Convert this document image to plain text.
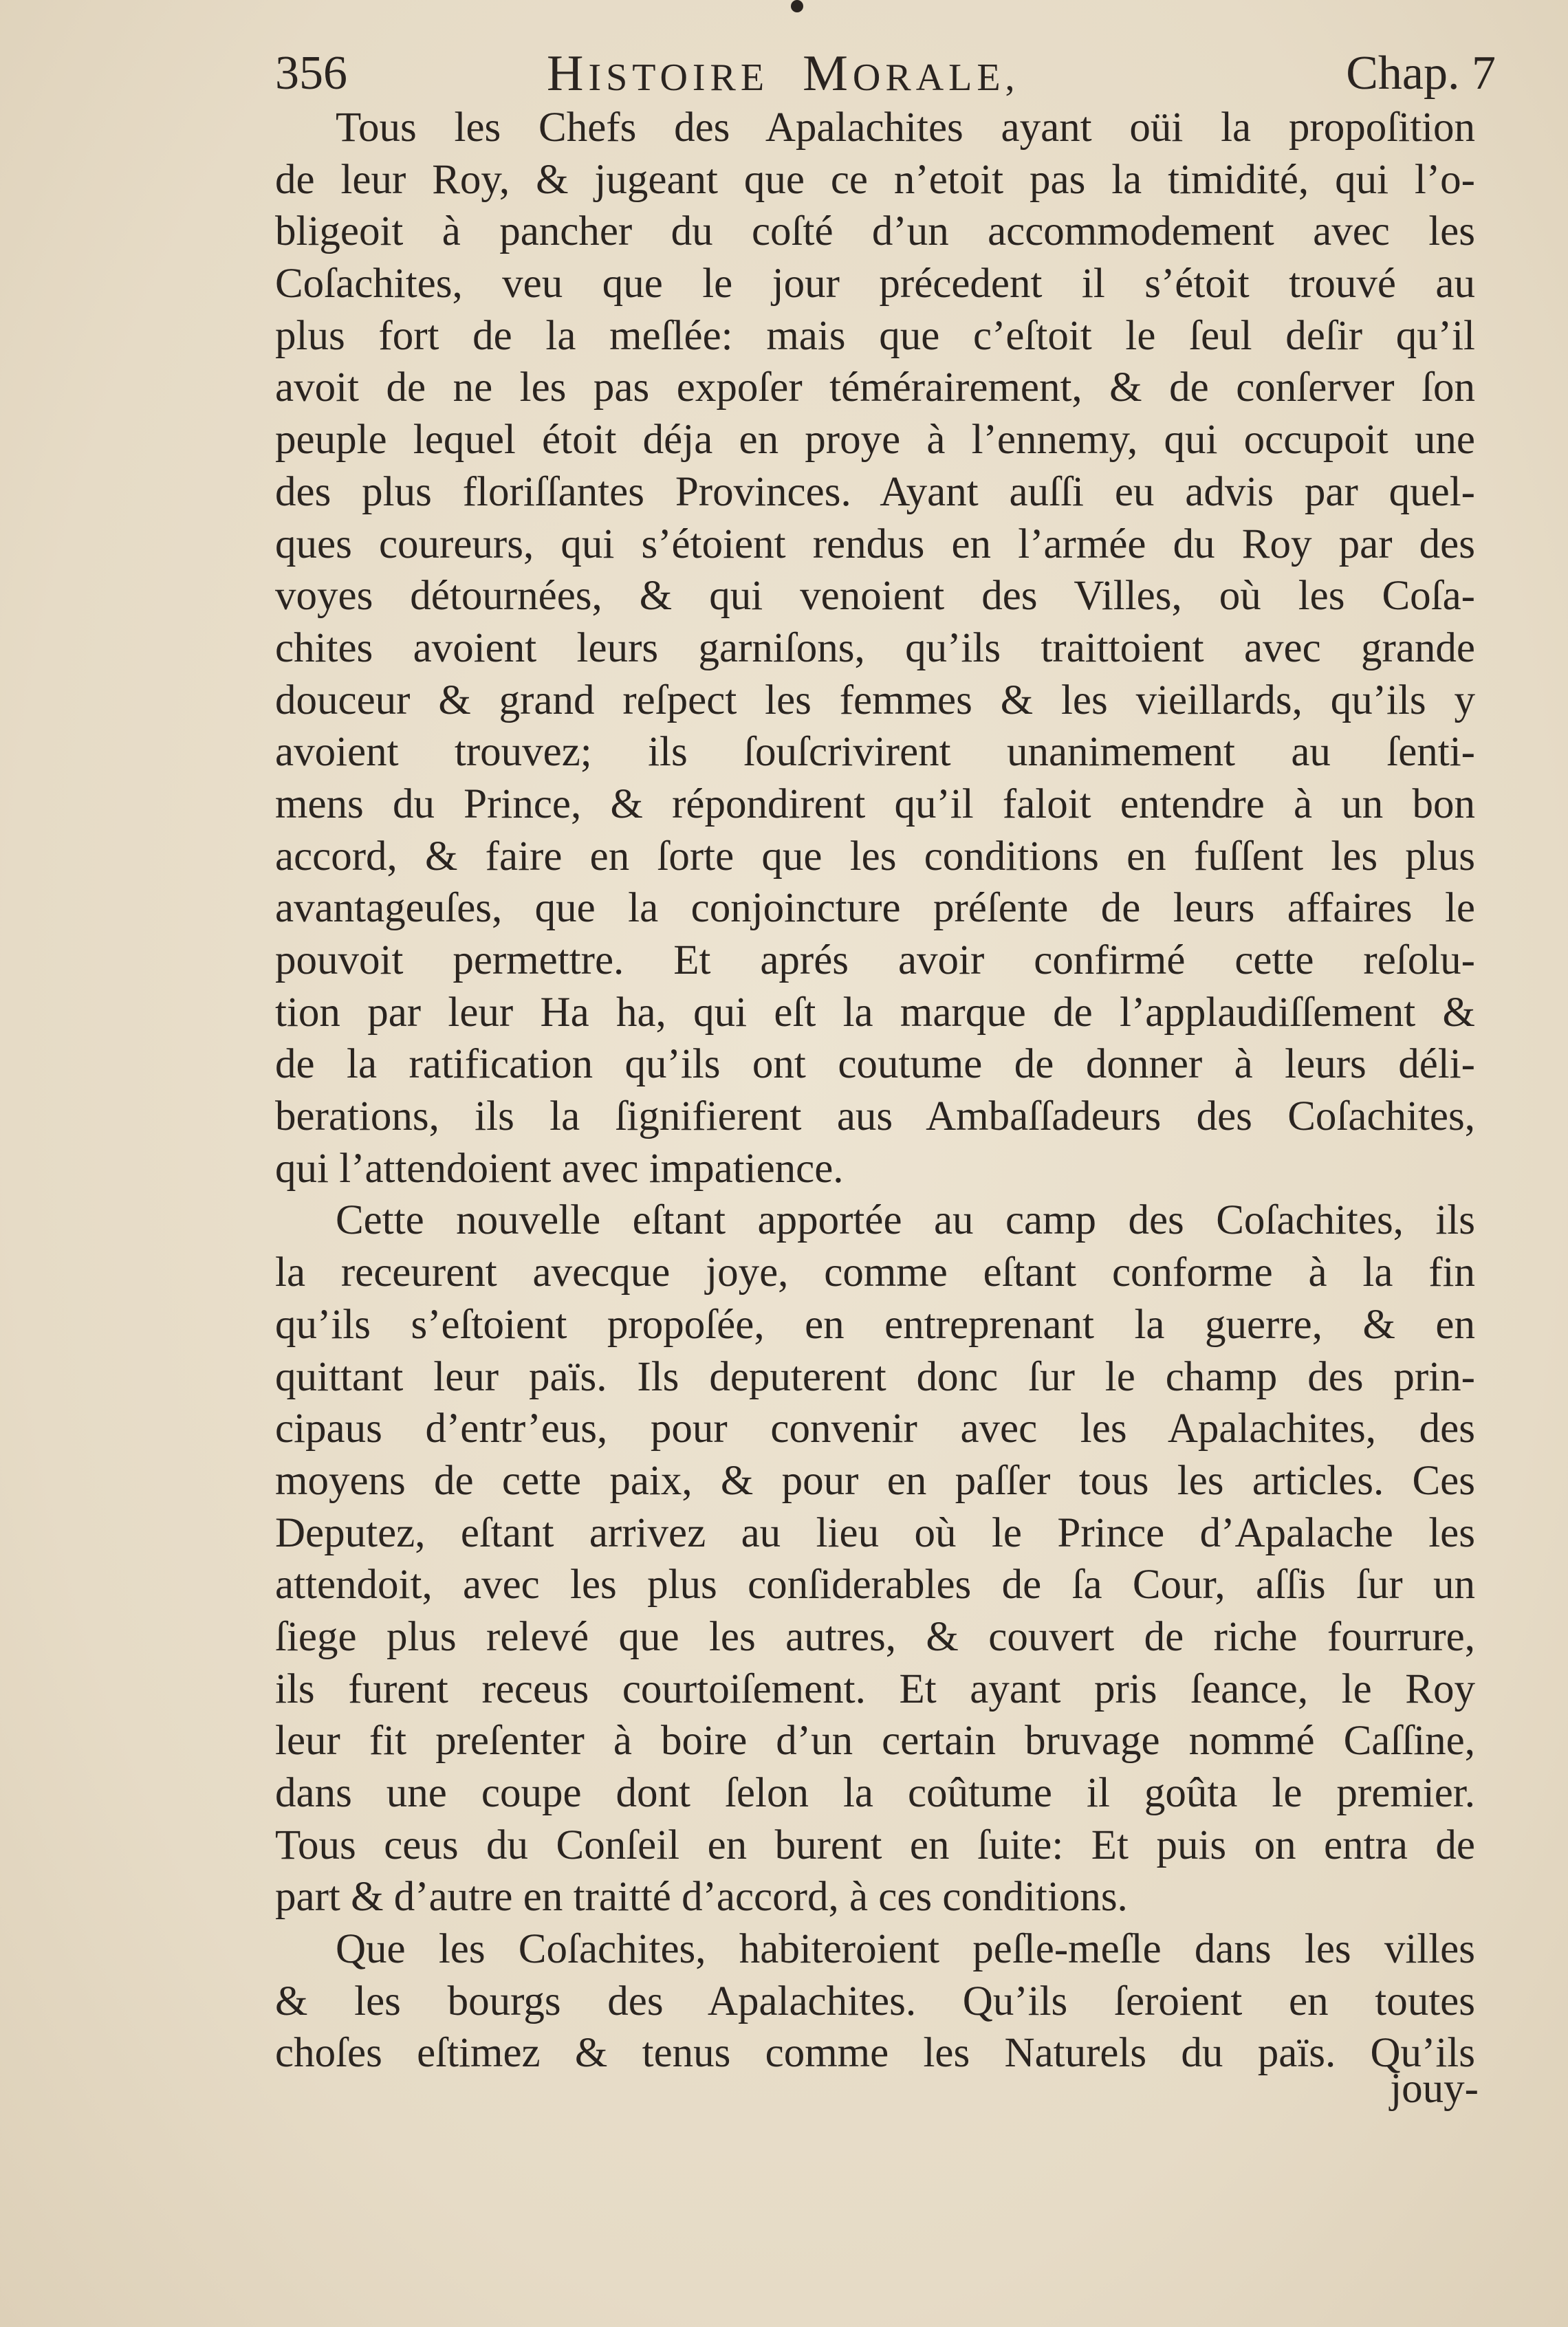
356	HISTOIRE MORALE,	Chap. 7
Tous les Chefs des Apalachites ayant oüi la propoſition
de leur Roy, & jugeant que ce n’etoit pas la timidité, qui l’o-
bligeoit à pancher du coſté d’un accommodement avec les
Coſachites, veu que le jour précedent il s’étoit trouvé au
plus fort de la meſlée: mais que c’eſtoit le ſeul deſir qu’il
avoit de ne les pas expoſer témérairement, & de conſerver ſon
peuple lequel étoit déja en proye à l’ennemy, qui occupoit une
des plus floriſſantes Provinces. Ayant auſſi eu advis par quel-
ques coureurs, qui s’étoient rendus en l’armée du Roy par des
voyes détournées, & qui venoient des Villes, où les Coſa-
chites avoient leurs garniſons, qu’ils traittoient avec grande
douceur & grand reſpect les femmes & les vieillards, qu’ils y
avoient trouvez; ils ſouſcrivirent unanimement au ſenti-
mens du Prince, & répondirent qu’il faloit entendre à un bon
accord, & faire en ſorte que les conditions en fuſſent les plus
avantageuſes, que la conjoincture préſente de leurs affaires le
pouvoit permettre. Et aprés avoir confirmé cette reſolu-
tion par leur Ha ha, qui eſt la marque de l’applaudiſſement &
de la ratification qu’ils ont coutume de donner à leurs déli-
berations, ils la ſignifierent aus Ambaſſadeurs des Coſachites,
qui l’attendoient avec impatience.
Cette nouvelle eſtant apportée au camp des Coſachites, ils
la receurent avecque joye, comme eſtant conforme à la fin
qu’ils s’eſtoient propoſée, en entreprenant la guerre, & en
quittant leur païs. Ils deputerent donc ſur le champ des prin-
cipaus d’entr’eus, pour convenir avec les Apalachites, des
moyens de cette paix, & pour en paſſer tous les articles. Ces
Deputez, eſtant arrivez au lieu où le Prince d’Apalache les
attendoit, avec les plus conſiderables de ſa Cour, aſſis ſur un
ſiege plus relevé que les autres, & couvert de riche fourrure,
ils furent receus courtoiſement. Et ayant pris ſeance, le Roy
leur fit preſenter à boire d’un certain bruvage nommé Caſſine,
dans une coupe dont ſelon la coûtume il goûta le premier.
Tous ceus du Conſeil en burent en ſuite: Et puis on entra de
part & d’autre en traitté d’accord, à ces conditions.
Que les Coſachites, habiteroient peſle-meſle dans les villes
& les bourgs des Apalachites. Qu’ils ſeroient en toutes
choſes eſtimez & tenus comme les Naturels du païs. Qu’ils
jouy-
